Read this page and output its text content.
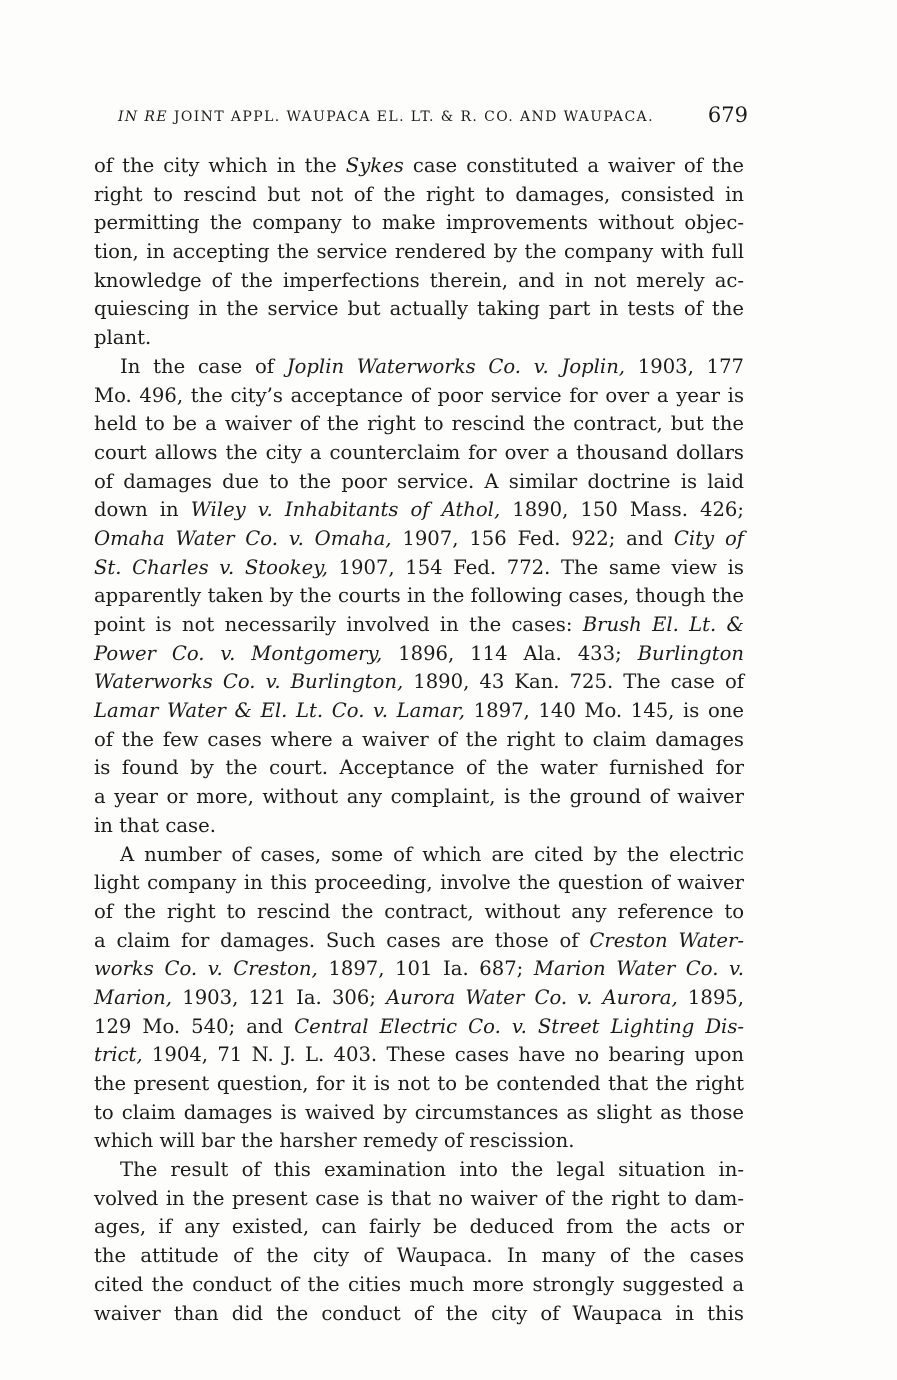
IN RE JOINT APPL. WAUPACA EL. LT. & R. CO. AND WAUPACA.	679
of the city which in the Sykes case constituted a waiver of the
right to rescind but not of the right to damages, consisted in
permitting the company to make improvements without objec-
tion, in accepting the service rendered by the company with full
knowledge of the imperfections therein, and in not merely ac-
quiescing in the service but actually taking part in tests of the
plant.
In the case of Joplin Waterworks Co. v. Joplin, 1903, 177
Mo. 496, the city’s acceptance of poor service for over a year is
held to be a waiver of the right to rescind the contract, but the
court allows the city a counterclaim for over a thousand dollars
of damages due to the poor service. A similar doctrine is laid
down in Wiley v. Inhabitants of Athol, 1890, 150 Mass. 426;
Omaha Water Co. v. Omaha, 1907, 156 Fed. 922; and City of
St. Charles v. Stookey, 1907, 154 Fed. 772. The same view is
apparently taken by the courts in the following cases, though the
point is not necessarily involved in the cases: Brush El. Lt. &
Power Co. v. Montgomery, 1896, 114 Ala. 433; Burlington
Waterworks Co. v. Burlington, 1890, 43 Kan. 725. The case of
Lamar Water & El. Lt. Co. v. Lamar, 1897, 140 Mo. 145, is one
of the few cases where a waiver of the right to claim damages
is found by the court. Acceptance of the water furnished for
a year or more, without any complaint, is the ground of waiver
in that case.
A number of cases, some of which are cited by the electric
light company in this proceeding, involve the question of waiver
of the right to rescind the contract, without any reference to
a claim for damages. Such cases are those of Creston Water-
works Co. v. Creston, 1897, 101 Ia. 687; Marion Water Co. v.
Marion, 1903, 121 Ia. 306; Aurora Water Co. v. Aurora, 1895,
129 Mo. 540; and Central Electric Co. v. Street Lighting Dis-
trict, 1904, 71 N. J. L. 403. These cases have no bearing upon
the present question, for it is not to be contended that the right
to claim damages is waived by circumstances as slight as those
which will bar the harsher remedy of rescission.
The result of this examination into the legal situation in-
volved in the present case is that no waiver of the right to dam-
ages, if any existed, can fairly be deduced from the acts or
the attitude of the city of Waupaca. In many of the cases
cited the conduct of the cities much more strongly suggested a
waiver than did the conduct of the city of Waupaca in this
